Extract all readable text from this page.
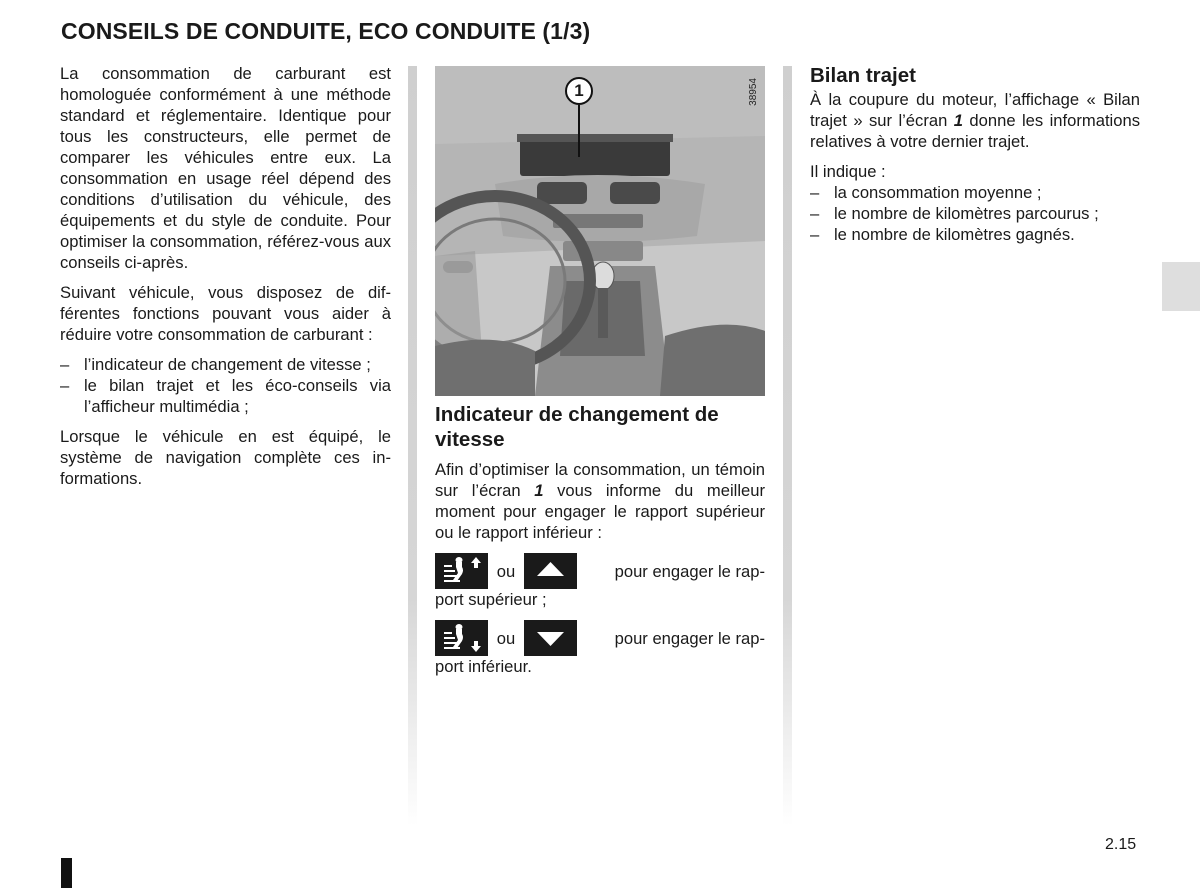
CONSEILS DE CONDUITE, ECO CONDUITE (1/3)

La consommation de carburant est homologuée conformément à une méthode standard et réglementaire. Identique pour tous les constructeurs, elle permet de comparer les véhicules entre eux. La consommation en usage réel dépend des conditions d’utilisation du véhicule, des équipements et du style de conduite. Pour optimiser la consommation, référez-vous aux conseils ci-après.

Suivant véhicule, vous disposez de différentes fonctions pouvant vous aider à réduire votre consommation de carburant :

– l’indicateur de changement de vitesse ;
– le bilan trajet et les éco-conseils via l’afficheur multimédia ;

Lorsque le véhicule en est équipé, le système de navigation complète ces informations.

38954
1
Indicateur de changement de vitesse

Afin d’optimiser la consommation, un témoin sur l’écran 1 vous informe du meilleur moment pour engager le rapport supérieur ou le rapport inférieur :

ou	pour engager le rap-

port supérieur ;

ou	pour engager le rap-

port inférieur.

Bilan trajet

À la coupure du moteur, l’affichage « Bilan trajet » sur l’écran 1 donne les informations relatives à votre dernier trajet.

Il indique :

– la consommation moyenne ;
– le nombre de kilomètres parcourus ;
– le nombre de kilomètres gagnés.
2.15
